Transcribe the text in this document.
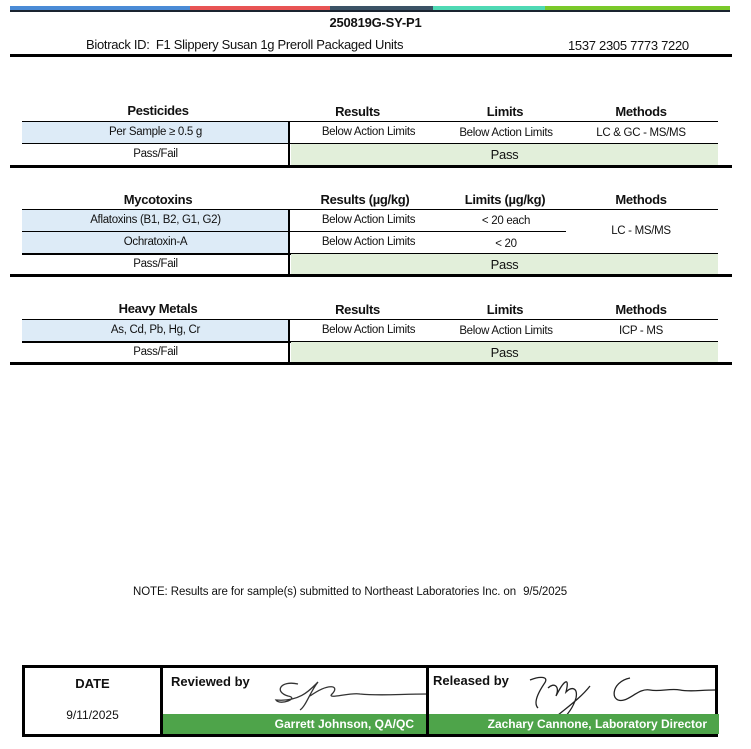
250819G-SY-P1
Biotrack ID: F1 Slippery Susan 1g Preroll Packaged Units	1537 2305 7773 7220
Pesticides	Results	Limits	Methods
Per Sample ≥ 0.5 g	Below Action Limits	Below Action Limits	LC & GC - MS/MS
Pass/Fail	Pass
Mycotoxins	Results (µg/kg)	Limits (µg/kg)	Methods
Aflatoxins (B1, B2, G1, G2)	Below Action Limits	< 20 each
Ochratoxin-A	Below Action Limits	< 20
LC - MS/MS
Pass/Fail	Pass
Heavy Metals	Results	Limits	Methods
As, Cd, Pb, Hg, Cr	Below Action Limits	Below Action Limits	ICP - MS
Pass/Fail	Pass
NOTE: Results are for sample(s) submitted to Northeast Laboratories Inc. on 9/5/2025
DATE
9/11/2025
Reviewed by
Garrett Johnson, QA/QC
Released by
Zachary Cannone, Laboratory Director
